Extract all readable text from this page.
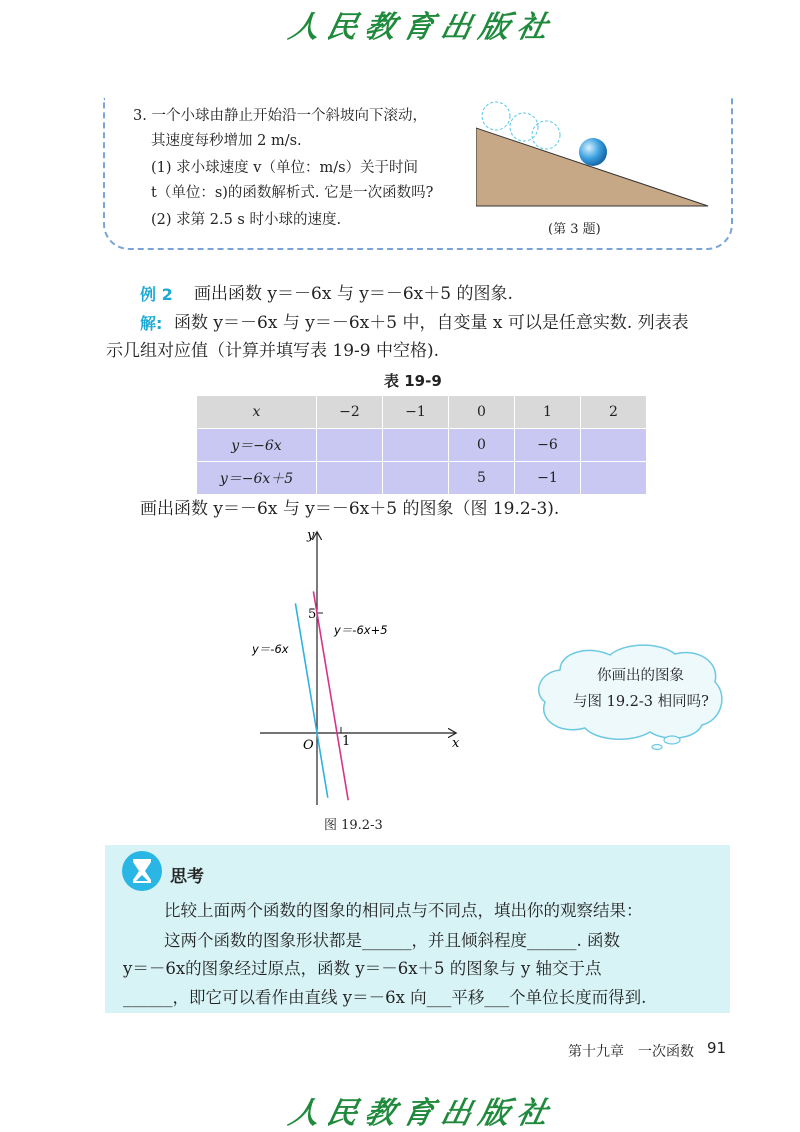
人民教育出版社
3. 一个小球由静止开始沿一个斜坡向下滚动，
其速度每秒增加 2 m/s.
(1) 求小球速度 v（单位：m/s）关于时间
t（单位：s)的函数解析式. 它是一次函数吗?
(2) 求第 2.5 s 时小球的速度.
(第 3 题)
例 2 画出函数 y＝－6x 与 y＝－6x＋5 的图象.
解: 函数 y＝－6x 与 y＝－6x＋5 中，自变量 x 可以是任意实数. 列表表
示几组对应值（计算并填写表 19-9 中空格).
表 19-9
x	−2	−1	0	1	2
y＝−6x			0	−6	
y＝−6x＋5			5	−1	
画出函数 y＝－6x 与 y＝－6x＋5 的图象（图 19.2-3).
x
y
O 1
5
y＝-6x
y＝-6x+5
图 19.2-3
你画出的图象
与图 19.2-3 相同吗?
思考
比较上面两个函数的图象的相同点与不同点，填出你的观察结果：
这两个函数的图象形状都是______，并且倾斜程度______. 函数
y＝－6x的图象经过原点，函数 y＝－6x＋5 的图象与 y 轴交于点
______，即它可以看作由直线 y＝－6x 向___平移___个单位长度而得到.
第十九章　一次函数 91
人民教育出版社
